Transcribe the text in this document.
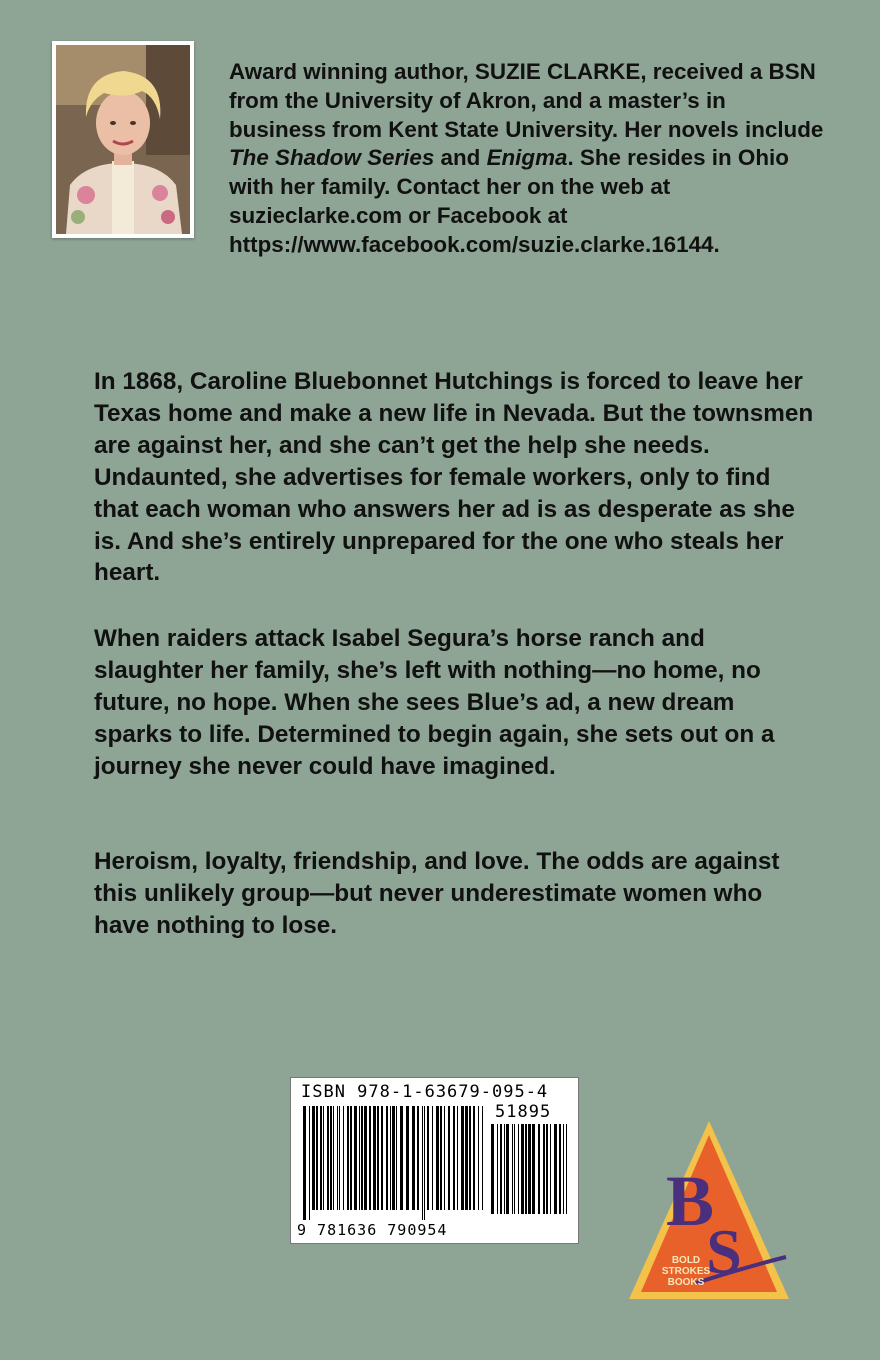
Award winning author, SUZIE CLARKE, received a BSN from the University of Akron, and a master’s in business from Kent State University. Her novels include The Shadow Series and Enigma. She resides in Ohio with her family. Contact her on the web at suzieclarke.com or Facebook at https://www.facebook.com/suzie.clarke.16144.
In 1868, Caroline Bluebonnet Hutchings is forced to leave her Texas home and make a new life in Nevada. But the townsmen are against her, and she can’t get the help she needs. Undaunted, she advertises for female workers, only to find that each woman who answers her ad is as desperate as she is. And she’s entirely unprepared for the one who steals her heart.
When raiders attack Isabel Segura’s horse ranch and slaughter her family, she’s left with nothing—no home, no future, no hope. When she sees Blue’s ad, a new dream sparks to life. Determined to begin again, she sets out on a journey she never could have imagined.
Heroism, loyalty, friendship, and love. The odds are against this unlikely group—but never underestimate women who have nothing to lose.
ISBN 978-1-63679-095-4
51895
9 781636 790954	B
S
BOLD
STROKES
BOOKS
